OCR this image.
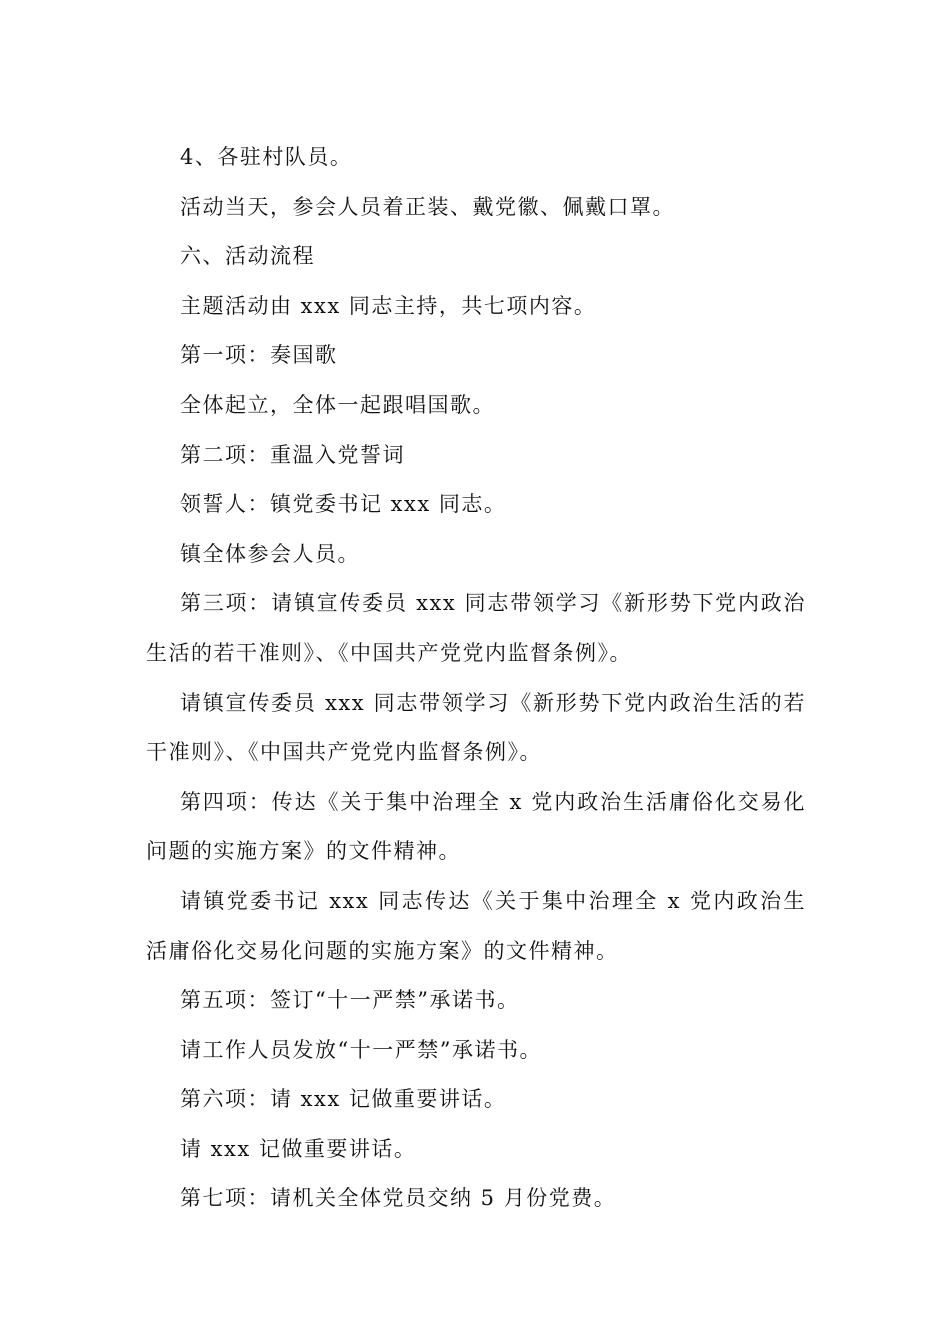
4、各驻村队员。

活动当天，参会人员着正装、戴党徽、佩戴口罩。

六、活动流程

主题活动由 xxx 同志主持，共七项内容。

第一项：奏国歌

全体起立，全体一起跟唱国歌。

第二项：重温入党誓词

领誓人：镇党委书记 xxx 同志。

镇全体参会人员。

第三项：请镇宣传委员 xxx 同志带领学习《新形势下党内政治生活的若干准则》、《中国共产党党内监督条例》。

请镇宣传委员 xxx 同志带领学习《新形势下党内政治生活的若干准则》、《中国共产党党内监督条例》。

第四项：传达《关于集中治理全 x 党内政治生活庸俗化交易化问题的实施方案》的文件精神。

请镇党委书记 xxx 同志传达《关于集中治理全 x 党内政治生活庸俗化交易化问题的实施方案》的文件精神。

第五项：签订“十一严禁”承诺书。

请工作人员发放“十一严禁”承诺书。

第六项：请 xxx 记做重要讲话。

请 xxx 记做重要讲话。

第七项：请机关全体党员交纳 5 月份党费。
